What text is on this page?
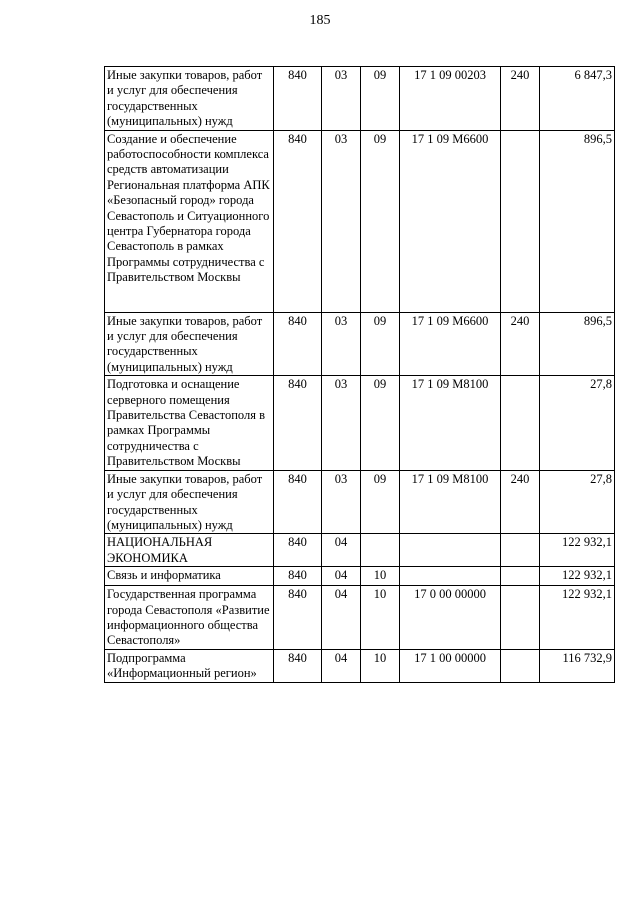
185
Иные закупки товаров, работ и услуг для обеспечения государственных (муниципальных) нужд	840	03	09	17 1 09 00203	240	6 847,3
Создание и обеспечение работоспособности комплекса средств автоматизации Региональная платформа АПК «Безопасный город» города Севастополь и Ситуационного центра Губернатора города Севастополь в рамках Программы сотрудничества с Правительством Москвы	840	03	09	17 1 09 M6600		896,5
Иные закупки товаров, работ и услуг для обеспечения государственных (муниципальных) нужд	840	03	09	17 1 09 M6600	240	896,5
Подготовка и оснащение серверного помещения Правительства Севастополя в рамках Программы сотрудничества с Правительством Москвы	840	03	09	17 1 09 M8100		27,8
Иные закупки товаров, работ и услуг для обеспечения государственных (муниципальных) нужд	840	03	09	17 1 09 M8100	240	27,8
НАЦИОНАЛЬНАЯ ЭКОНОМИКА	840	04				122 932,1
Связь и информатика	840	04	10			122 932,1
Государственная программа города Севастополя «Развитие информационного общества Севастополя»	840	04	10	17 0 00 00000		122 932,1
Подпрограмма «Информационный регион»	840	04	10	17 1 00 00000		116 732,9
